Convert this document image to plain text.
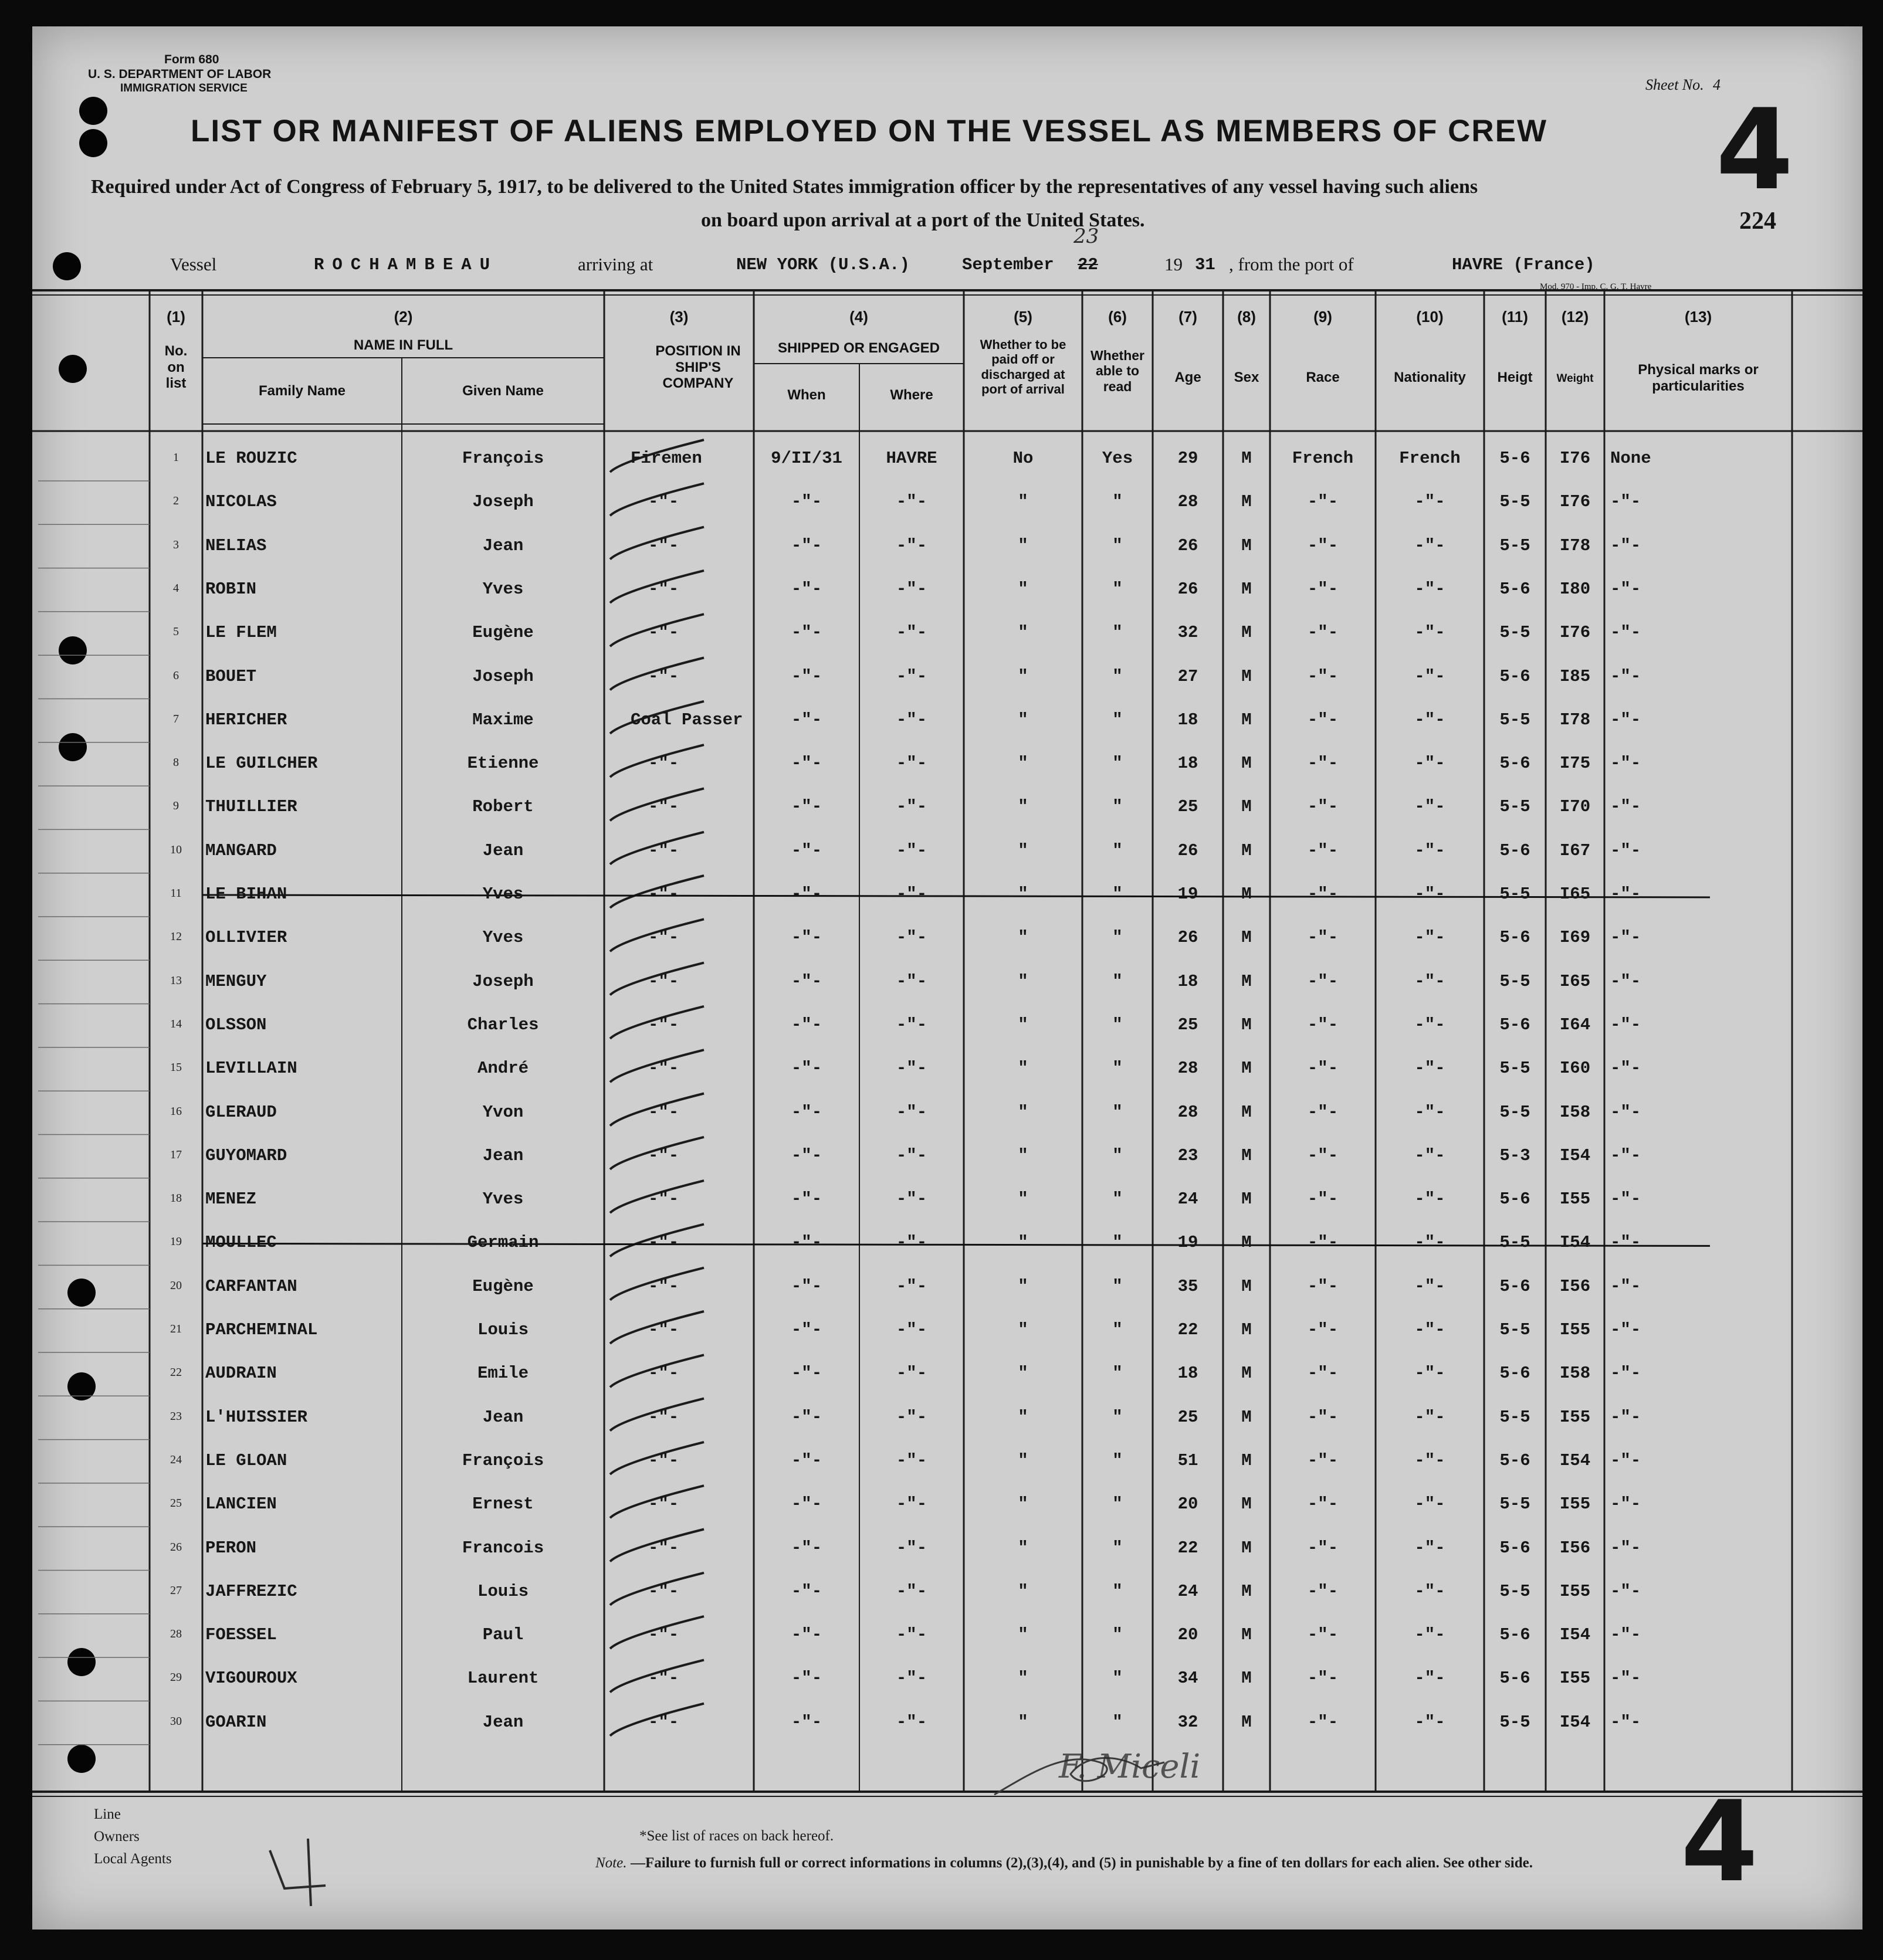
Form 680
U. S. DEPARTMENT OF LABOR
IMMIGRATION SERVICE	Sheet No. 4
LIST OR MANIFEST OF ALIENS EMPLOYED ON THE VESSEL AS MEMBERS OF CREW 4
Required under Act of Congress of February 5, 1917, to be delivered to the United States immigration officer by the representatives of any vessel having such aliens
on board upon arrival at a port of the United States.	224
Vessel	ROCHAMBEAU	arriving at	NEW YORK (U.S.A.)	September 22
23
19 31 , from the port of	HAVRE (France)
Mod. 970 - Imp. C. G. T. Havre
(1)
No. on list
(2)
NAME IN FULL
Family Name	Given Name
(3)
POSITION IN SHIP'S COMPANY
(4)
SHIPPED OR ENGAGED
When	Where
(5)
Whether to be paid off or discharged at port of arrival
(6)
Whether able to read
(7)
Age
(8)
Sex
(9)
Race
(10)
Nationality
(11)
Heigt
(12)
Weight
(13)
Physical marks or particularities
1	LE ROUZIC	François	Firemen	9/II/31	HAVRE	No	Yes	29	M	French	French	5-6	I76	None
2	NICOLAS	Joseph	-"-	-"-	-"-	"	"	28	M	-"-	-"-	5-5	I76	-"-
3	NELIAS	Jean	-"-	-"-	-"-	"	"	26	M	-"-	-"-	5-5	I78	-"-
4	ROBIN	Yves	-"-	-"-	-"-	"	"	26	M	-"-	-"-	5-6	I80	-"-
5	LE FLEM	Eugène	-"-	-"-	-"-	"	"	32	M	-"-	-"-	5-5	I76	-"-
6	BOUET	Joseph	-"-	-"-	-"-	"	"	27	M	-"-	-"-	5-6	I85	-"-
7	HERICHER	Maxime	Coal Passer	-"-	-"-	"	"	18	M	-"-	-"-	5-5	I78	-"-
8	LE GUILCHER	Etienne	-"-	-"-	-"-	"	"	18	M	-"-	-"-	5-6	I75	-"-
9	THUILLIER	Robert	-"-	-"-	-"-	"	"	25	M	-"-	-"-	5-5	I70	-"-
10	MANGARD	Jean	-"-	-"-	-"-	"	"	26	M	-"-	-"-	5-6	I67	-"-
11	LE BIHAN	Yves	-"-	-"-	-"-	"	"	19	M	-"-	-"-	5-5	I65	-"-
12	OLLIVIER	Yves	-"-	-"-	-"-	"	"	26	M	-"-	-"-	5-6	I69	-"-
13	MENGUY	Joseph	-"-	-"-	-"-	"	"	18	M	-"-	-"-	5-5	I65	-"-
14	OLSSON	Charles	-"-	-"-	-"-	"	"	25	M	-"-	-"-	5-6	I64	-"-
15	LEVILLAIN	André	-"-	-"-	-"-	"	"	28	M	-"-	-"-	5-5	I60	-"-
16	GLERAUD	Yvon	-"-	-"-	-"-	"	"	28	M	-"-	-"-	5-5	I58	-"-
17	GUYOMARD	Jean	-"-	-"-	-"-	"	"	23	M	-"-	-"-	5-3	I54	-"-
18	MENEZ	Yves	-"-	-"-	-"-	"	"	24	M	-"-	-"-	5-6	I55	-"-
19	MOULLEC	Germain	-"-	-"-	-"-	"	"	19	M	-"-	-"-	5-5	I54	-"-
20	CARFANTAN	Eugène	-"-	-"-	-"-	"	"	35	M	-"-	-"-	5-6	I56	-"-
21	PARCHEMINAL	Louis	-"-	-"-	-"-	"	"	22	M	-"-	-"-	5-5	I55	-"-
22	AUDRAIN	Emile	-"-	-"-	-"-	"	"	18	M	-"-	-"-	5-6	I58	-"-
23	L'HUISSIER	Jean	-"-	-"-	-"-	"	"	25	M	-"-	-"-	5-5	I55	-"-
24	LE GLOAN	François	-"-	-"-	-"-	"	"	51	M	-"-	-"-	5-6	I54	-"-
25	LANCIEN	Ernest	-"-	-"-	-"-	"	"	20	M	-"-	-"-	5-5	I55	-"-
26	PERON	Francois	-"-	-"-	-"-	"	"	22	M	-"-	-"-	5-6	I56	-"-
27	JAFFREZIC	Louis	-"-	-"-	-"-	"	"	24	M	-"-	-"-	5-5	I55	-"-
28	FOESSEL	Paul	-"-	-"-	-"-	"	"	20	M	-"-	-"-	5-6	I54	-"-
29	VIGOUROUX	Laurent	-"-	-"-	-"-	"	"	34	M	-"-	-"-	5-6	I55	-"-
30	GOARIN	Jean	-"-	-"-	-"-	"	"	32	M	-"-	-"-	5-5	I54	-"-
Line
Owners
Local Agents
*See list of races on back hereof.
Note. —Failure to furnish full or correct informations in columns (2),(3),(4), and (5) in punishable by a fine of ten dollars for each alien. See other side. 4
F. Miceli
